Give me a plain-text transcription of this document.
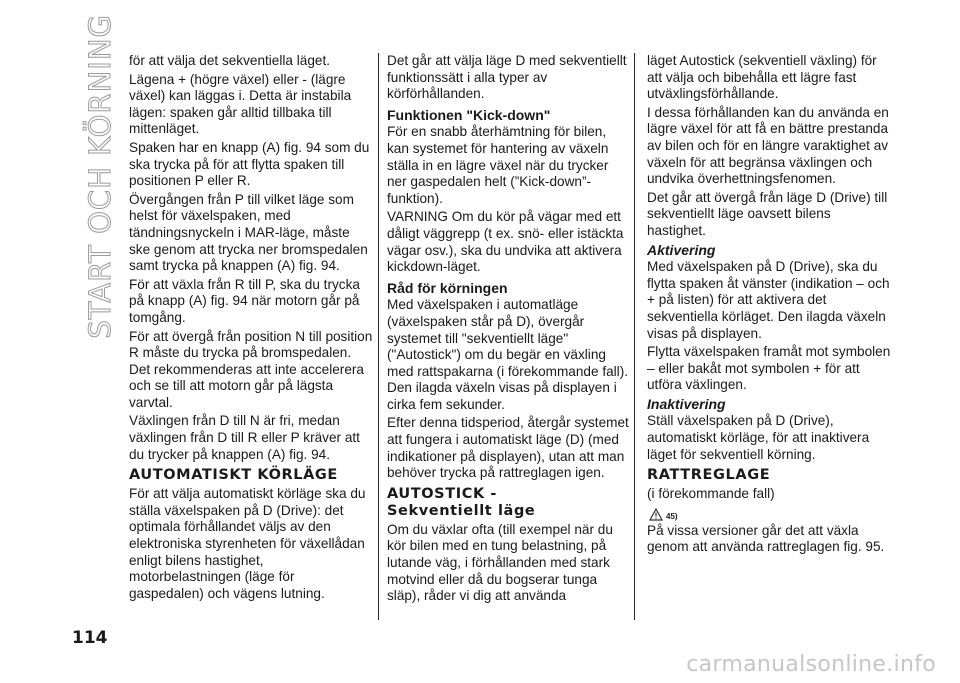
START OCH KÖRNING för att välja det sekventiella läget.

Lägena + (högre växel) eller - (lägre växel) kan läggas i. Detta är instabila lägen: spaken går alltid tillbaka till mittenläget.

Spaken har en knapp (A) fig. 94 som du ska trycka på för att flytta spaken till positionen P eller R.

Övergången från P till vilket läge som helst för växelspaken, med tändningsnyckeln i MAR-läge, måste ske genom att trycka ner bromspedalen samt trycka på knappen (A) fig. 94.

För att växla från R till P, ska du trycka på knapp (A) fig. 94 när motorn går på tomgång.

För att övergå från position N till position R måste du trycka på bromspedalen. Det rekommenderas att inte accelerera och se till att motorn går på lägsta varvtal.

Växlingen från D till N är fri, medan växlingen från D till R eller P kräver att du trycker på knappen (A) fig. 94.

AUTOMATISKT KÖRLÄGE

För att välja automatiskt körläge ska du ställa växelspaken på D (Drive): det optimala förhållandet väljs av den elektroniska styrenheten för växellådan enligt bilens hastighet, motorbelastningen (läge för gaspedalen) och vägens lutning.

Det går att välja läge D med sekventiellt funktionssätt i alla typer av körförhållanden.

Funktionen "Kick-down"

För en snabb återhämtning för bilen, kan systemet för hantering av växeln ställa in en lägre växel när du trycker ner gaspedalen helt (”Kick-down”-funktion).

VARNING Om du kör på vägar med ett dåligt väggrepp (t ex. snö- eller istäckta vägar osv.), ska du undvika att aktivera kickdown-läget.

Råd för körningen

Med växelspaken i automatläge (växelspaken står på D), övergår systemet till "sekventiellt läge" ("Autostick") om du begär en växling med rattspakarna (i förekommande fall). Den ilagda växeln visas på displayen i cirka fem sekunder.

Efter denna tidsperiod, återgår systemet att fungera i automatiskt läge (D) (med indikationer på displayen), utan att man behöver trycka på rattreglagen igen.

AUTOSTICK -
Sekventiellt läge

Om du växlar ofta (till exempel när du kör bilen med en tung belastning, på lutande väg, i förhållanden med stark motvind eller då du bogserar tunga släp), råder vi dig att använda

läget Autostick (sekventiell växling) för att välja och bibehålla ett lägre fast utväxlingsförhållande.

I dessa förhållanden kan du använda en lägre växel för att få en bättre prestanda av bilen och för en längre varaktighet av växeln för att begränsa växlingen och undvika överhettningsfenomen.

Det går att övergå från läge D (Drive) till sekventiellt läge oavsett bilens hastighet.

Aktivering

Med växelspaken på D (Drive), ska du flytta spaken åt vänster (indikation – och + på listen) för att aktivera det sekventiella körläget. Den ilagda växeln visas på displayen.

Flytta växelspaken framåt mot symbolen – eller bakåt mot symbolen + för att utföra växlingen.

Inaktivering

Ställ växelspaken på D (Drive), automatiskt körläge, för att inaktivera läget för sekventiell körning.

RATTREGLAGE

(i förekommande fall)

45)

På vissa versioner går det att växla genom att använda rattreglagen fig. 95.

114
carmanualsonline.info
